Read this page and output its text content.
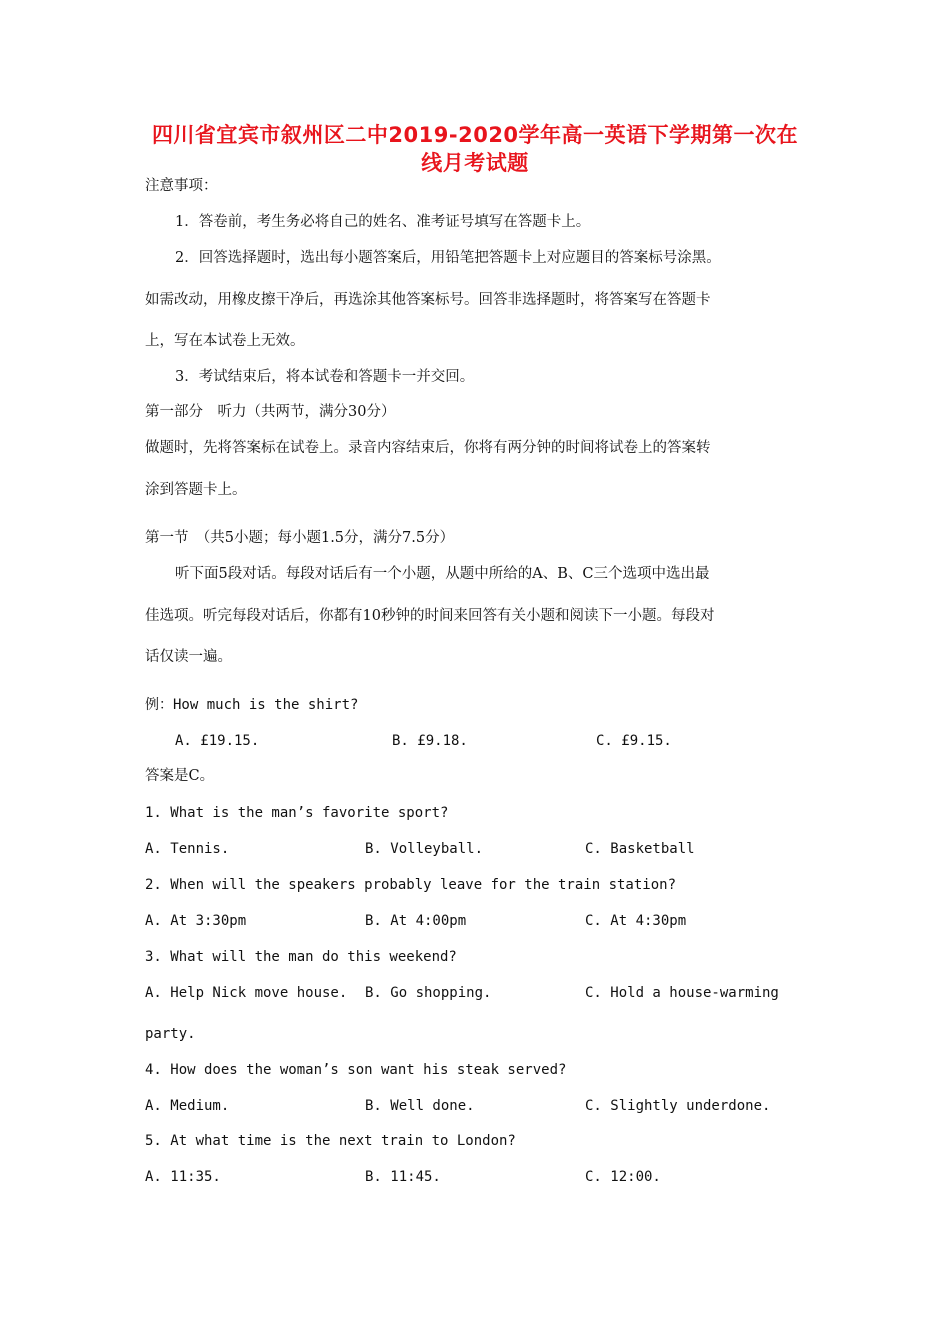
四川省宜宾市叙州区二中2019-2020学年高一英语下学期第一次在
线月考试题
注意事项：
1．答卷前，考生务必将自己的姓名、准考证号填写在答题卡上。
2．回答选择题时，选出每小题答案后，用铅笔把答题卡上对应题目的答案标号涂黑。
如需改动，用橡皮擦干净后，再选涂其他答案标号。回答非选择题时，将答案写在答题卡
上，写在本试卷上无效。
3．考试结束后，将本试卷和答题卡一并交回。
第一部分　听力（共两节，满分30分）
做题时，先将答案标在试卷上。录音内容结束后，你将有两分钟的时间将试卷上的答案转
涂到答题卡上。
第一节　（共5小题；每小题1.5分，满分7.5分）
听下面5段对话。每段对话后有一个小题，从题中所给的A、B、C三个选项中选出最
佳选项。听完每段对话后，你都有10秒钟的时间来回答有关小题和阅读下一小题。每段对
话仅读一遍。
例：How much is the shirt?
A. £19.15.	B. £9.18.	C. £9.15.
答案是C。
1. What is the man’s favorite sport?
A. Tennis.	B. Volleyball.	C. Basketball
2. When will the speakers probably leave for the train station?
A. At 3:30pm	B. At 4:00pm	C. At 4:30pm
3. What will the man do this weekend?
A. Help Nick move house. B. Go shopping.	C. Hold a house-warming
party.
4. How does the woman’s son want his steak served?
A. Medium.	B. Well done.	C. Slightly underdone.
5. At what time is the next train to London?
A. 11:35.	B. 11:45.	C. 12:00.
